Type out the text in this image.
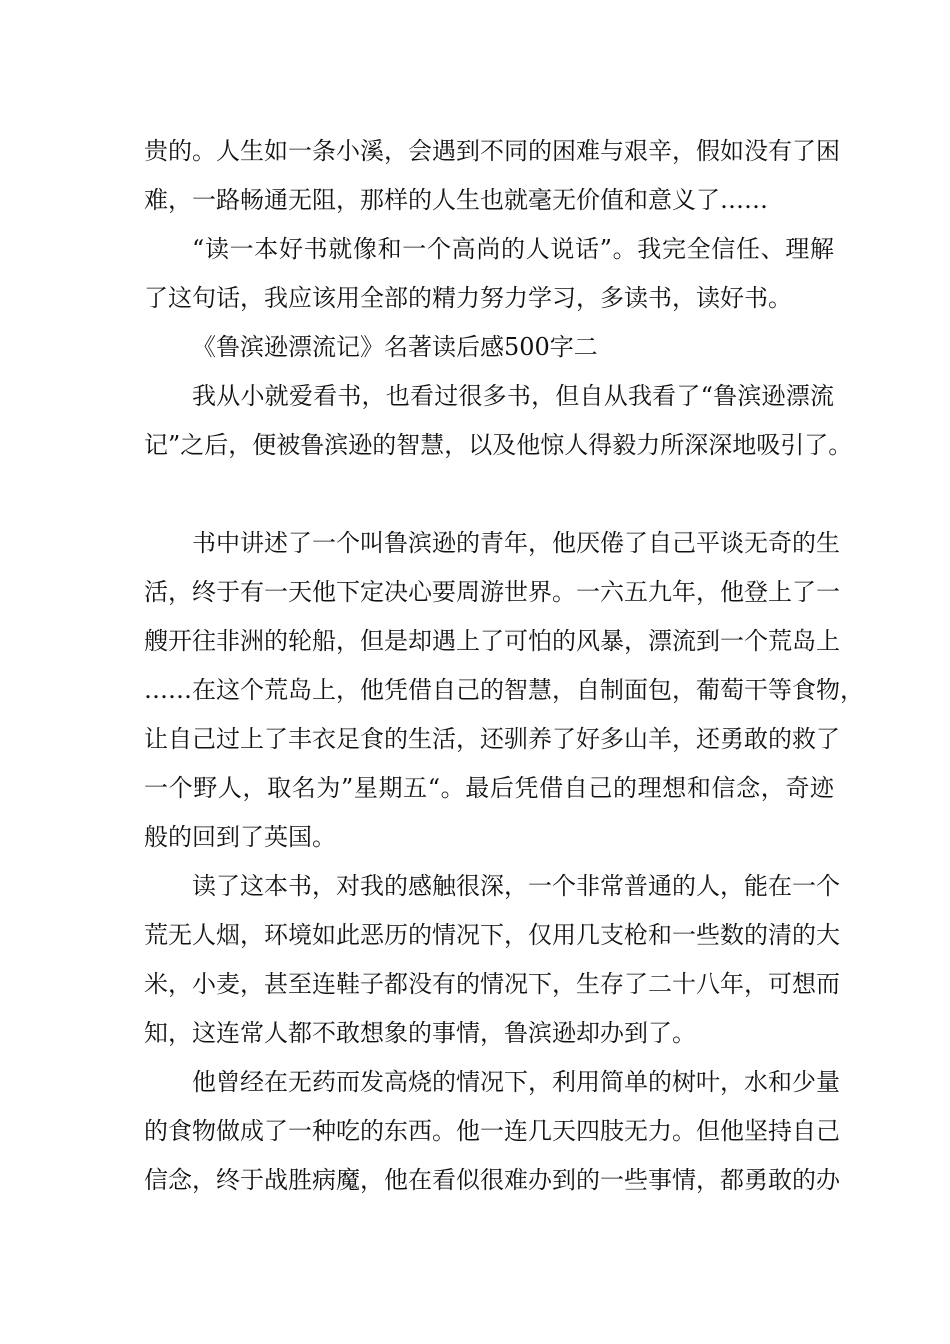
贵的。人生如一条小溪，会遇到不同的困难与艰辛，假如没有了困
难，一路畅通无阻，那样的人生也就毫无价值和意义了……
“读一本好书就像和一个高尚的人说话”。我完全信任、理解
了这句话，我应该用全部的精力努力学习，多读书，读好书。
《鲁滨逊漂流记》名著读后感500字二
我从小就爱看书，也看过很多书，但自从我看了“鲁滨逊漂流
记”之后，便被鲁滨逊的智慧，以及他惊人得毅力所深深地吸引了。
书中讲述了一个叫鲁滨逊的青年，他厌倦了自己平谈无奇的生
活，终于有一天他下定决心要周游世界。一六五九年，他登上了一
艘开往非洲的轮船，但是却遇上了可怕的风暴，漂流到一个荒岛上
……在这个荒岛上，他凭借自己的智慧，自制面包，葡萄干等食物，
让自己过上了丰衣足食的生活，还驯养了好多山羊，还勇敢的救了
一个野人，取名为”星期五“。最后凭借自己的理想和信念，奇迹
般的回到了英国。
读了这本书，对我的感触很深，一个非常普通的人，能在一个
荒无人烟，环境如此恶历的情况下，仅用几支枪和一些数的清的大
米，小麦，甚至连鞋子都没有的情况下，生存了二十八年，可想而
知，这连常人都不敢想象的事情，鲁滨逊却办到了。
他曾经在无药而发高烧的情况下，利用简单的树叶，水和少量
的食物做成了一种吃的东西。他一连几天四肢无力。但他坚持自己
信念，终于战胜病魔，他在看似很难办到的一些事情，都勇敢的办
